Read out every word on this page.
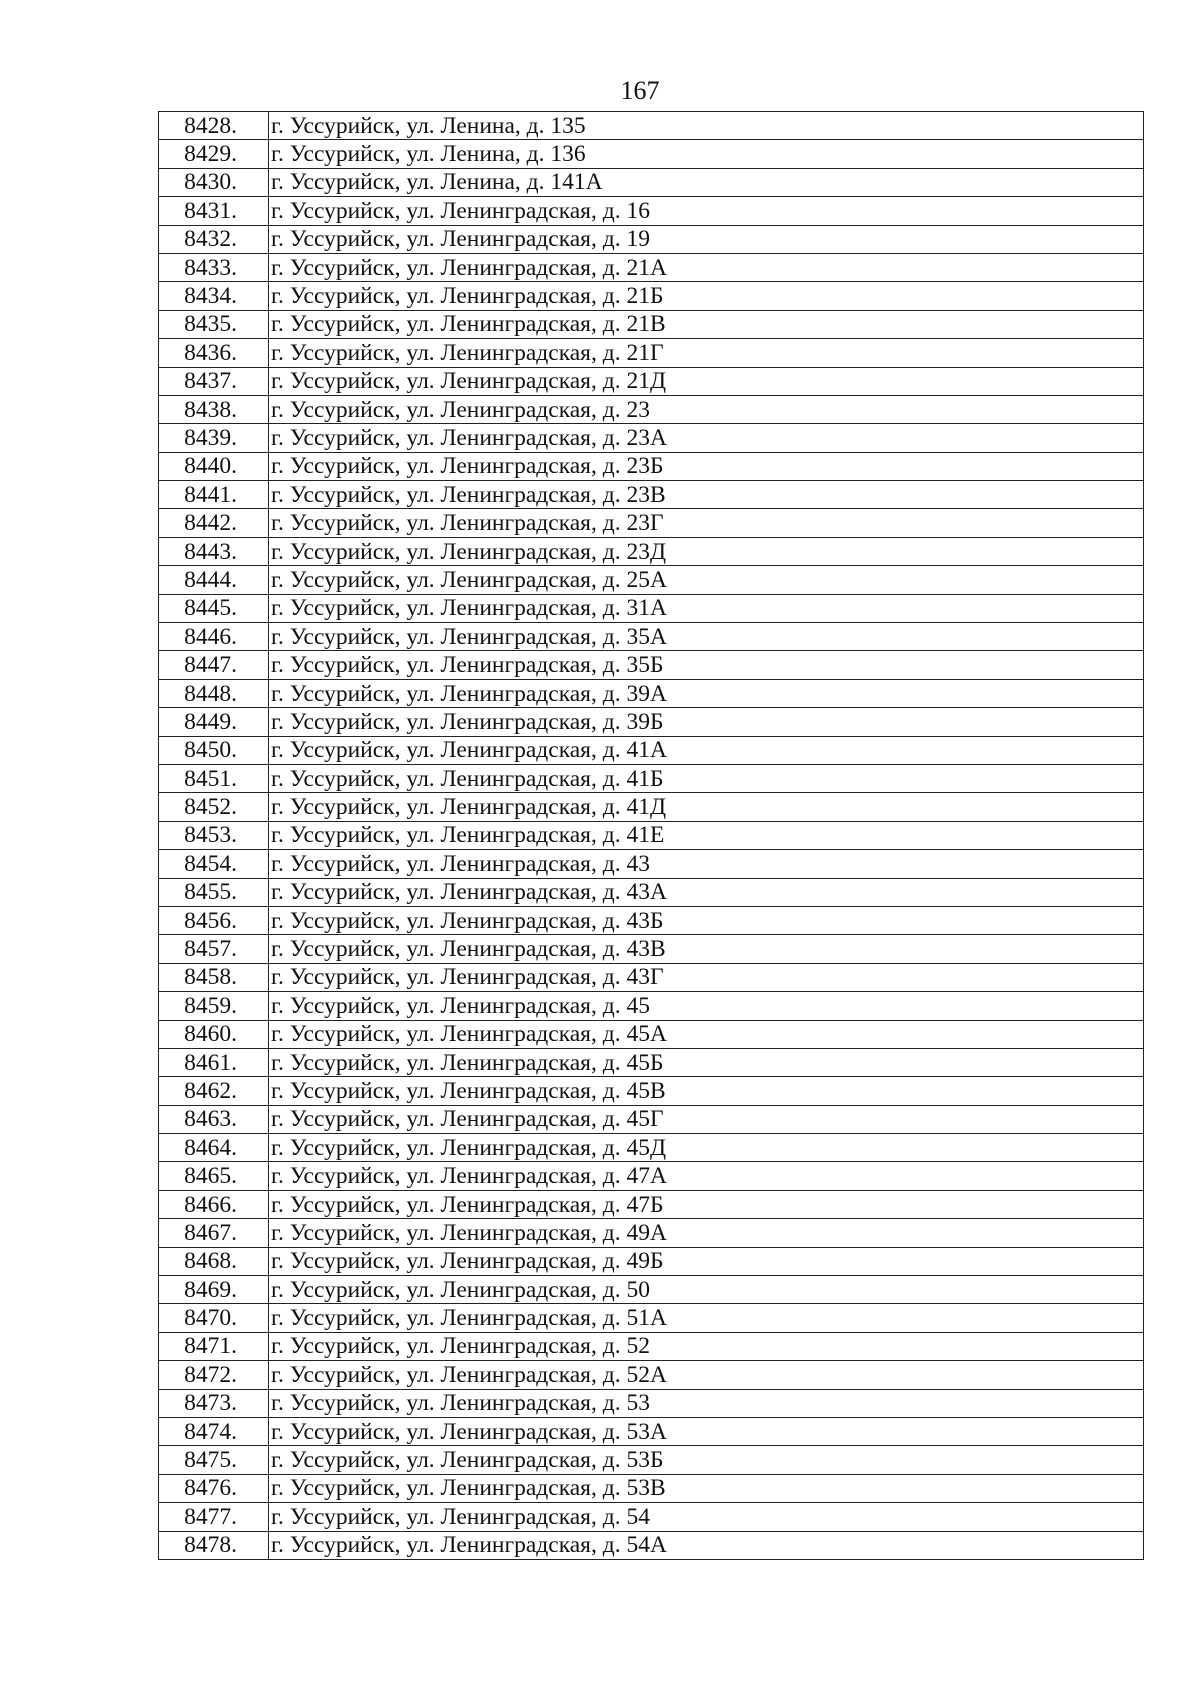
167
8428.	г. Уссурийск, ул. Ленина, д. 135
8429.	г. Уссурийск, ул. Ленина, д. 136
8430.	г. Уссурийск, ул. Ленина, д. 141А
8431.	г. Уссурийск, ул. Ленинградская, д. 16
8432.	г. Уссурийск, ул. Ленинградская, д. 19
8433.	г. Уссурийск, ул. Ленинградская, д. 21А
8434.	г. Уссурийск, ул. Ленинградская, д. 21Б
8435.	г. Уссурийск, ул. Ленинградская, д. 21В
8436.	г. Уссурийск, ул. Ленинградская, д. 21Г
8437.	г. Уссурийск, ул. Ленинградская, д. 21Д
8438.	г. Уссурийск, ул. Ленинградская, д. 23
8439.	г. Уссурийск, ул. Ленинградская, д. 23А
8440.	г. Уссурийск, ул. Ленинградская, д. 23Б
8441.	г. Уссурийск, ул. Ленинградская, д. 23В
8442.	г. Уссурийск, ул. Ленинградская, д. 23Г
8443.	г. Уссурийск, ул. Ленинградская, д. 23Д
8444.	г. Уссурийск, ул. Ленинградская, д. 25А
8445.	г. Уссурийск, ул. Ленинградская, д. 31А
8446.	г. Уссурийск, ул. Ленинградская, д. 35А
8447.	г. Уссурийск, ул. Ленинградская, д. 35Б
8448.	г. Уссурийск, ул. Ленинградская, д. 39А
8449.	г. Уссурийск, ул. Ленинградская, д. 39Б
8450.	г. Уссурийск, ул. Ленинградская, д. 41А
8451.	г. Уссурийск, ул. Ленинградская, д. 41Б
8452.	г. Уссурийск, ул. Ленинградская, д. 41Д
8453.	г. Уссурийск, ул. Ленинградская, д. 41Е
8454.	г. Уссурийск, ул. Ленинградская, д. 43
8455.	г. Уссурийск, ул. Ленинградская, д. 43А
8456.	г. Уссурийск, ул. Ленинградская, д. 43Б
8457.	г. Уссурийск, ул. Ленинградская, д. 43В
8458.	г. Уссурийск, ул. Ленинградская, д. 43Г
8459.	г. Уссурийск, ул. Ленинградская, д. 45
8460.	г. Уссурийск, ул. Ленинградская, д. 45А
8461.	г. Уссурийск, ул. Ленинградская, д. 45Б
8462.	г. Уссурийск, ул. Ленинградская, д. 45В
8463.	г. Уссурийск, ул. Ленинградская, д. 45Г
8464.	г. Уссурийск, ул. Ленинградская, д. 45Д
8465.	г. Уссурийск, ул. Ленинградская, д. 47А
8466.	г. Уссурийск, ул. Ленинградская, д. 47Б
8467.	г. Уссурийск, ул. Ленинградская, д. 49А
8468.	г. Уссурийск, ул. Ленинградская, д. 49Б
8469.	г. Уссурийск, ул. Ленинградская, д. 50
8470.	г. Уссурийск, ул. Ленинградская, д. 51А
8471.	г. Уссурийск, ул. Ленинградская, д. 52
8472.	г. Уссурийск, ул. Ленинградская, д. 52А
8473.	г. Уссурийск, ул. Ленинградская, д. 53
8474.	г. Уссурийск, ул. Ленинградская, д. 53А
8475.	г. Уссурийск, ул. Ленинградская, д. 53Б
8476.	г. Уссурийск, ул. Ленинградская, д. 53В
8477.	г. Уссурийск, ул. Ленинградская, д. 54
8478.	г. Уссурийск, ул. Ленинградская, д. 54А
